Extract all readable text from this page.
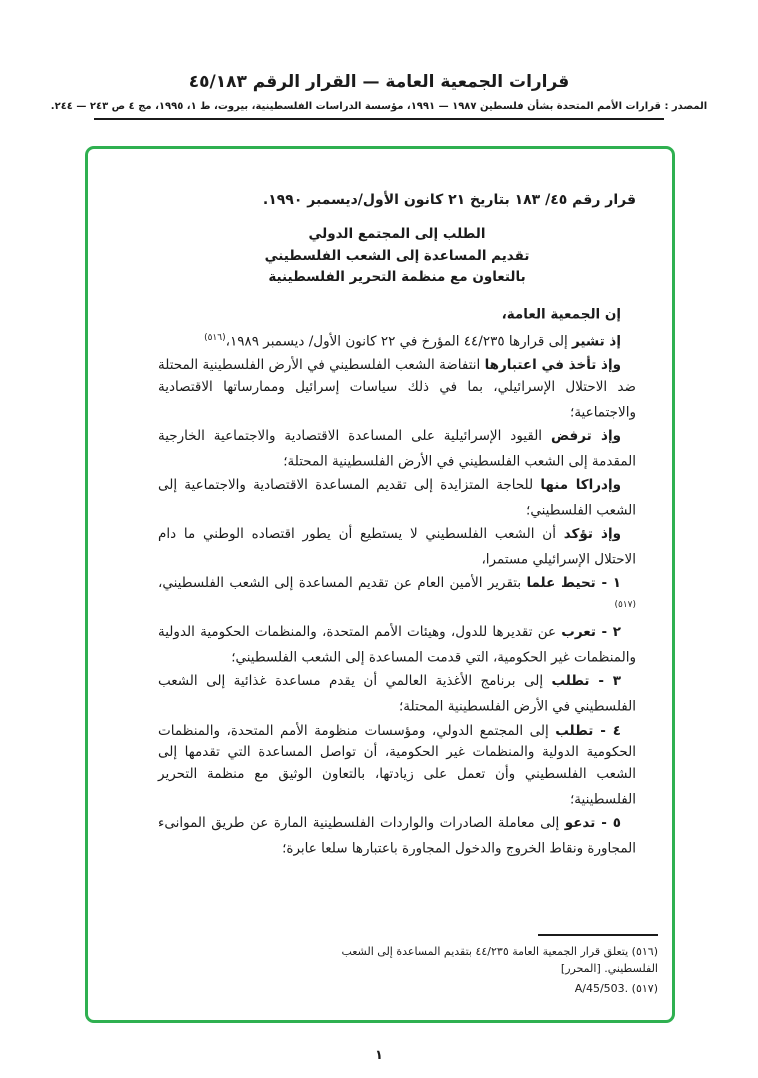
قرارات الجمعية العامة — القرار الرقم ٤٥/١٨٣
المصدر : قرارات الأمم المتحدة بشأن فلسطين ١٩٨٧ — ١٩٩١، مؤسسة الدراسات الفلسطينية، بيروت، ط ١، ١٩٩٥، مج ٤ ص ٢٤٣ — ٢٤٤.
قرار رقم ٤٥/ ١٨٣ بتاريخ ٢١ كانون الأول/ديسمبر ١٩٩٠.
الطلب إلى المجتمع الدولي
تقديم المساعدة إلى الشعب الفلسطيني
بالتعاون مع منظمة التحرير الفلسطينية

إن الجمعية العامة،

إذ تشير إلى قرارها ٤٤/٢٣٥ المؤرخ في ٢٢ كانون الأول/ ديسمبر ١٩٨٩،$^{(٥١٦)}$

وإذ تأخذ في اعتبارها انتفاضة الشعب الفلسطيني في الأرض الفلسطينية المحتلة ضد الاحتلال الإسرائيلي، بما في ذلك سياسات إسرائيل وممارساتها الاقتصادية والاجتماعية؛

وإذ ترفض القيود الإسرائيلية على المساعدة الاقتصادية والاجتماعية الخارجية المقدمة إلى الشعب الفلسطيني في الأرض الفلسطينية المحتلة؛

وإدراكا منها للحاجة المتزايدة إلى تقديم المساعدة الاقتصادية والاجتماعية إلى الشعب الفلسطيني؛

وإذ تؤكد أن الشعب الفلسطيني لا يستطيع أن يطور اقتصاده الوطني ما دام الاحتلال الإسرائيلي مستمرا،

١ - تحيط علما بتقرير الأمين العام عن تقديم المساعدة إلى الشعب الفلسطيني،$^{(٥١٧)}$

٢ - تعرب عن تقديرها للدول، وهيئات الأمم المتحدة، والمنظمات الحكومية الدولية والمنظمات غير الحكومية، التي قدمت المساعدة إلى الشعب الفلسطيني؛

٣ - تطلب إلى برنامج الأغذية العالمي أن يقدم مساعدة غذائية إلى الشعب الفلسطيني في الأرض الفلسطينية المحتلة؛

٤ - تطلب إلى المجتمع الدولي، ومؤسسات منظومة الأمم المتحدة، والمنظمات الحكومية الدولية والمنظمات غير الحكومية، أن تواصل المساعدة التي تقدمها إلى الشعب الفلسطيني وأن تعمل على زيادتها، بالتعاون الوثيق مع منظمة التحرير الفلسطينية؛

٥ - تدعو إلى معاملة الصادرات والواردات الفلسطينية المارة عن طريق الموانىء المجاورة ونقاط الخروج والدخول المجاورة باعتبارها سلعا عابرة؛

(٥١٦) يتعلق قرار الجمعية العامة ٤٤/٢٣٥ بتقديم المساعدة إلى الشعب الفلسطيني. [المحرر]
(٥١٧) A/45/503.‎
١
